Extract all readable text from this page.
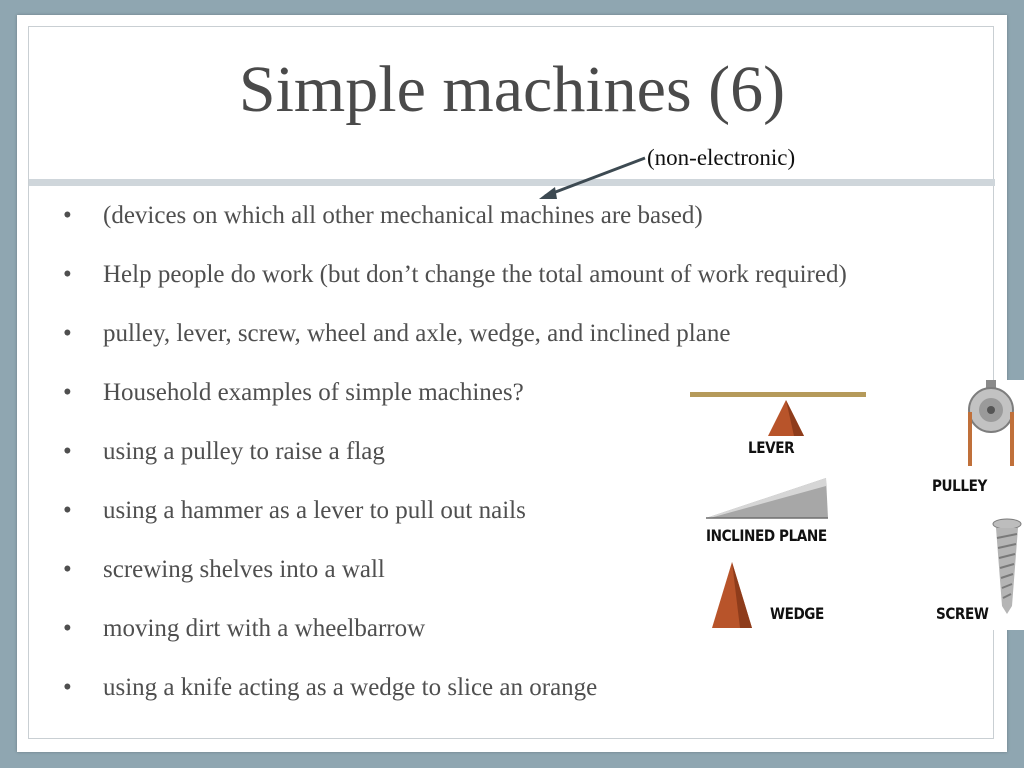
Simple machines (6)
(non-electronic)
• (devices on which all other mechanical machines are based)
• Help people do work (but don’t change the total amount of work required)
• pulley, lever, screw, wheel and axle, wedge, and inclined plane
• Household examples of simple machines?
• using a pulley to raise a flag
• using a hammer as a lever to pull out nails
• screwing shelves into a wall
• moving dirt with a wheelbarrow
• using a knife acting as a wedge to slice an orange
LEVER
INCLINED PLANE
WEDGE
PULLEY
SCREW
